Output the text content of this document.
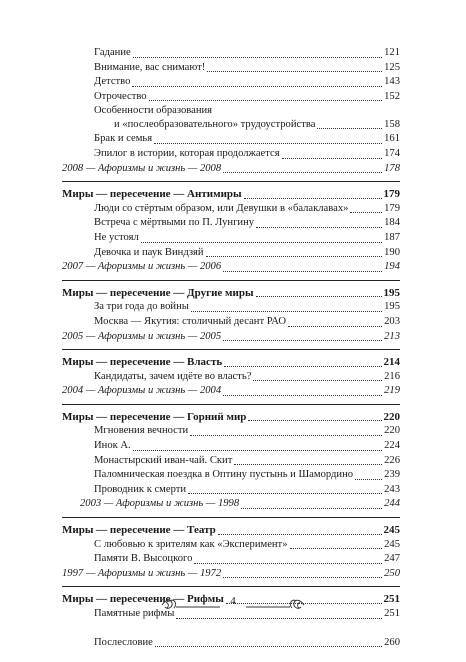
Гадание	121
Внимание, вас снимают!	125
Детство	143
Отрочество	152
Особенности образования
и «послеобразовательного» трудоустройства	158
Брак и семья	161
Эпилог в истории, которая продолжается	174
2008 — Афоризмы и жизнь — 2008	178
Миры — пересечение — Антимиры	179
Люди со стёртым образом, или Девушки в «балаклавах»	179
Встреча с мёртвыми по П. Лунгину	184
Не устоял	187
Девочка и паук Виндзяй	190
2007 — Афоризмы и жизнь — 2006	194
Миры — пересечение — Другие миры	195
За три года до войны	195
Москва — Якутия: столичный десант РАО	203
2005 — Афоризмы и жизнь — 2005	213
Миры — пересечение — Власть	214
Кандидаты, зачем идёте во власть?	216
2004 — Афоризмы и жизнь — 2004	219
Миры — пересечение — Горний мир	220
Мгновения вечности	220
Инок А.	224
Монастырский иван-чай. Скит	226
Паломническая поездка в Оптину пустынь и Шамордино	239
Проводник к смерти	243
2003 — Афоризмы и жизнь — 1998	244
Миры — пересечение — Театр	245
С любовью к зрителям как «Эксперимент»	245
Памяти В. Высоцкого	247
1997 — Афоризмы и жизнь — 1972	250
Миры — пересечение — Рифмы	251
Памятные рифмы	251
Послесловие	260
4
